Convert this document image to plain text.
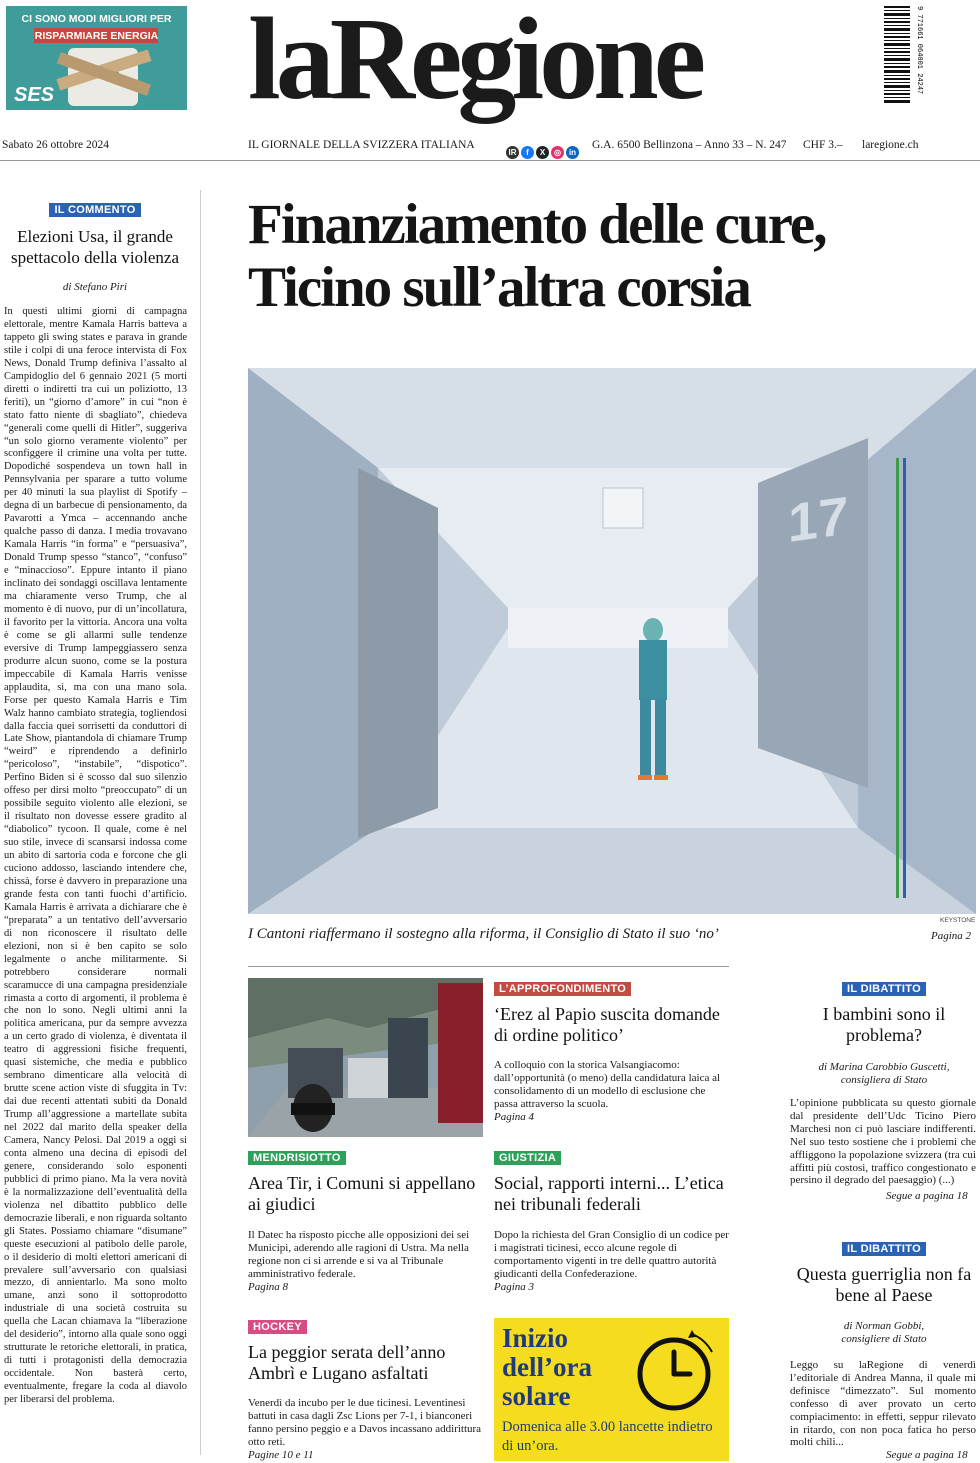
CI SONO MODI MIGLIORI PER
RISPARMIARE ENERGIA
SES laRegione	9 771661 064001 24247
Sabato 26 ottobre 2024	IL GIORNALE DELLA SVIZZERA ITALIANA
lR	f	X	◎ in
G.A. 6500 Bellinzona – Anno 33 – N. 247 CHF 3.– laregione.ch
IL COMMENTO
Elezioni Usa, il grande spettacolo della violenza
di Stefano Piri
In questi ultimi giorni di campagna elettorale, mentre Kamala Harris batteva a tappeto gli swing states e parava in grande stile i colpi di una feroce intervista di Fox News, Donald Trump definiva l’assalto al Campidoglio del 6 gennaio 2021 (5 morti diretti o indiretti tra cui un poliziotto, 13 feriti), un “giorno d’amore” in cui “non è stato fatto niente di sbagliato”, chiedeva “generali come quelli di Hitler”, suggeriva “un solo giorno veramente violento” per sconfiggere il crimine una volta per tutte. Dopodiché sospendeva un town hall in Pennsylvania per sparare a tutto volume per 40 minuti la sua playlist di Spotify – degna di un barbecue di pensionamento, da Pavarotti a Ymca – accennando anche qualche passo di danza. I media trovavano Kamala Harris “in forma” e “persuasiva”, Donald Trump spesso “stanco”, “confuso” e “minaccioso”. Eppure intanto il piano inclinato dei sondaggi oscillava lentamente ma chiaramente verso Trump, che al momento è di nuovo, pur di un’incollatura, il favorito per la vittoria. Ancora una volta è come se gli allarmi sulle tendenze eversive di Trump lampeggiassero senza produrre alcun suono, come se la postura impeccabile di Kamala Harris venisse applaudita, sì, ma con una mano sola. Forse per questo Kamala Harris e Tim Walz hanno cambiato strategia, togliendosi dalla faccia quei sorrisetti da conduttori di Late Show, piantandola di chiamare Trump “weird” e riprendendo a definirlo “pericoloso”, “instabile”, “dispotico”. Perfino Biden si è scosso dal suo silenzio offeso per dirsi molto “preoccupato” di un possibile seguito violento alle elezioni, se il risultato non dovesse essere gradito al “diabolico” tycoon. Il quale, come è nel suo stile, invece di scansarsi indossa come un abito di sartoria coda e forcone che gli cuciono addosso, lasciando intendere che, chissà, forse è davvero in preparazione una grande festa con tanti fuochi d’artificio. Kamala Harris è arrivata a dichiarare che è “preparata” a un tentativo dell’avversario di non riconoscere il risultato delle elezioni, non si è ben capito se solo legalmente o anche militarmente. Si potrebbero considerare normali scaramucce di una campagna presidenziale rimasta a corto di argomenti, il problema è che non lo sono. Negli ultimi anni la politica americana, pur da sempre avvezza a un certo grado di violenza, è diventata il teatro di aggressioni fisiche frequenti, quasi sistemiche, che media e pubblico sembrano dimenticare alla velocità di brutte scene action viste di sfuggita in Tv: dai due recenti attentati subiti da Donald Trump all’aggressione a martellate subita nel 2022 dal marito della speaker della Camera, Nancy Pelosi. Dal 2019 a oggi si conta almeno una decina di episodi del genere, considerando solo esponenti pubblici di primo piano. Ma la vera novità è la normalizzazione dell’eventualità della violenza nel dibattito pubblico delle democrazie liberali, e non riguarda soltanto gli States. Possiamo chiamare “disumane” queste esecuzioni al patibolo delle parole, o il desiderio di molti elettori americani di prevalere sull’avversario con qualsiasi mezzo, di annientarlo. Ma sono molto umane, anzi sono il sottoprodotto industriale di una società costruita su quella che Lacan chiamava la “liberazione del desiderio”, intorno alla quale sono oggi strutturate le retoriche elettorali, in pratica, di tutti i protagonisti della democrazia occidentale. Non basterà certo, eventualmente, fregare la coda al diavolo per liberarsi del problema.
Finanziamento delle cure,
Ticino sull’altra corsia
17
KEYSTONE
I Cantoni riaffermano il sostegno alla riforma, il Consiglio di Stato il suo ‘no’	Pagina 2
MENDRISIOTTO
Area Tir, i Comuni si appellano ai giudici
Il Datec ha risposto picche alle opposizioni dei sei Municipi, aderendo alle ragioni di Ustra. Ma nella regione non ci si arrende e si va al Tribunale amministrativo federale.
Pagina 8
HOCKEY
La peggior serata dell’anno Ambrì e Lugano asfaltati
Venerdì da incubo per le due ticinesi. Leventinesi battuti in casa dagli Zsc Lions per 7-1, i bianconeri fanno persino peggio e a Davos incassano addirittura otto reti.
Pagine 10 e 11
L’APPROFONDIMENTO
‘Erez al Papio suscita domande di ordine politico’
A colloquio con la storica Valsangiacomo: dall’opportunità (o meno) della candidatura laica al consolidamento di un modello di esclusione che passa attraverso la scuola.
Pagina 4
GIUSTIZIA
Social, rapporti interni... L’etica nei tribunali federali
Dopo la richiesta del Gran Consiglio di un codice per i magistrati ticinesi, ecco alcune regole di comportamento vigenti in tre delle quattro autorità giudicanti della Confederazione.
Pagina 3
Inizio dell’ora solare
Domenica alle 3.00 lancette indietro di un’ora.
IL DIBATTITO
I bambini sono il problema?
di Marina Carobbio Guscetti,
consigliera di Stato
L’opinione pubblicata su questo giornale dal presidente dell’Udc Ticino Piero Marchesi non ci può lasciare indifferenti. Nel suo testo sostiene che i problemi che affliggono la popolazione svizzera (tra cui affitti più costosi, traffico congestionato e persino il degrado del paesaggio) (...)
Segue a pagina 18
IL DIBATTITO
Questa guerriglia non fa bene al Paese
di Norman Gobbi,
consigliere di Stato
Leggo su laRegione di venerdì l’editoriale di Andrea Manna, il quale mi definisce “dimezzato”. Sul momento confesso di aver provato un certo compiacimento: in effetti, seppur rilevato in ritardo, con non poca fatica ho perso molti chili...
Segue a pagina 18
